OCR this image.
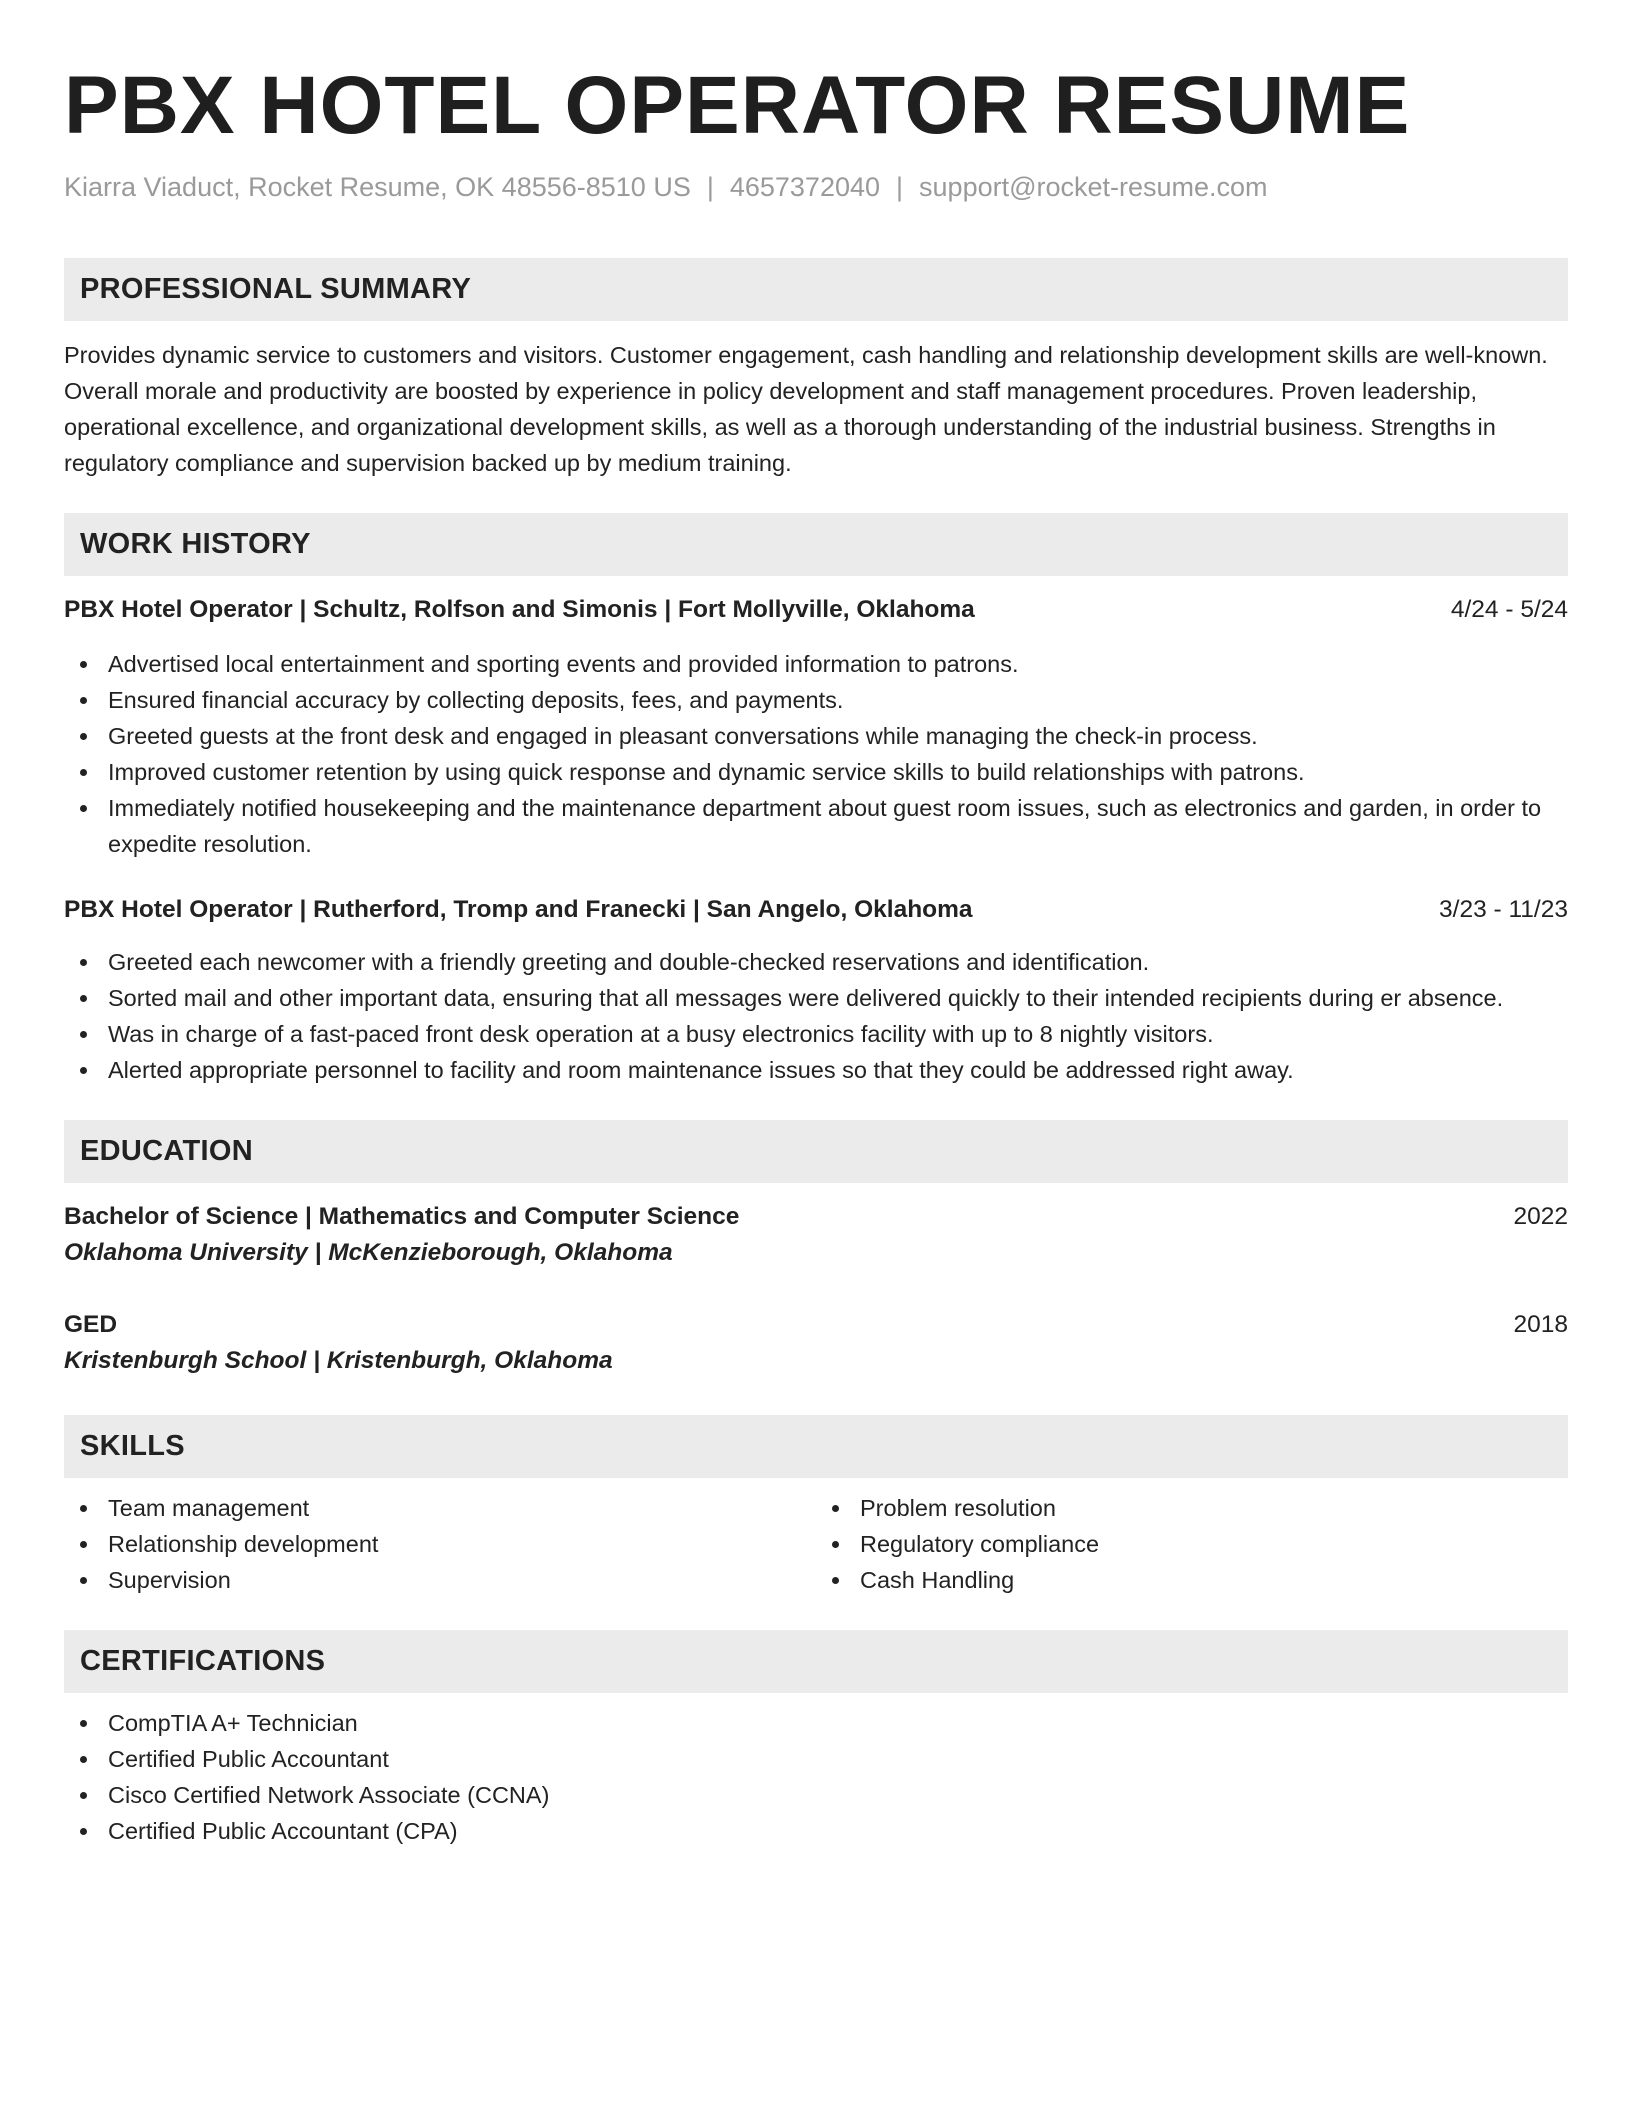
PBX HOTEL OPERATOR RESUME
Kiarra Viaduct, Rocket Resume, OK 48556-8510 US | 4657372040 | support@rocket-resume.com
PROFESSIONAL SUMMARY
Provides dynamic service to customers and visitors. Customer engagement, cash handling and relationship development skills are well-known. Overall morale and productivity are boosted by experience in policy development and staff management procedures. Proven leadership, operational excellence, and organizational development skills, as well as a thorough understanding of the industrial business. Strengths in regulatory compliance and supervision backed up by medium training.
WORK HISTORY
PBX Hotel Operator | Schultz, Rolfson and Simonis | Fort Mollyville, Oklahoma	4/24 - 5/24
Advertised local entertainment and sporting events and provided information to patrons.
Ensured financial accuracy by collecting deposits, fees, and payments.
Greeted guests at the front desk and engaged in pleasant conversations while managing the check-in process.
Improved customer retention by using quick response and dynamic service skills to build relationships with patrons.
Immediately notified housekeeping and the maintenance department about guest room issues, such as electronics and garden, in order to expedite resolution.
PBX Hotel Operator | Rutherford, Tromp and Franecki | San Angelo, Oklahoma	3/23 - 11/23
Greeted each newcomer with a friendly greeting and double-checked reservations and identification.
Sorted mail and other important data, ensuring that all messages were delivered quickly to their intended recipients during er absence.
Was in charge of a fast-paced front desk operation at a busy electronics facility with up to 8 nightly visitors.
Alerted appropriate personnel to facility and room maintenance issues so that they could be addressed right away.
EDUCATION
Bachelor of Science | Mathematics and Computer Science	2022
Oklahoma University | McKenzieborough, Oklahoma
GED	2018
Kristenburgh School | Kristenburgh, Oklahoma
SKILLS
Team management
Relationship development
Supervision
Problem resolution
Regulatory compliance
Cash Handling
CERTIFICATIONS
CompTIA A+ Technician
Certified Public Accountant
Cisco Certified Network Associate (CCNA)
Certified Public Accountant (CPA)
